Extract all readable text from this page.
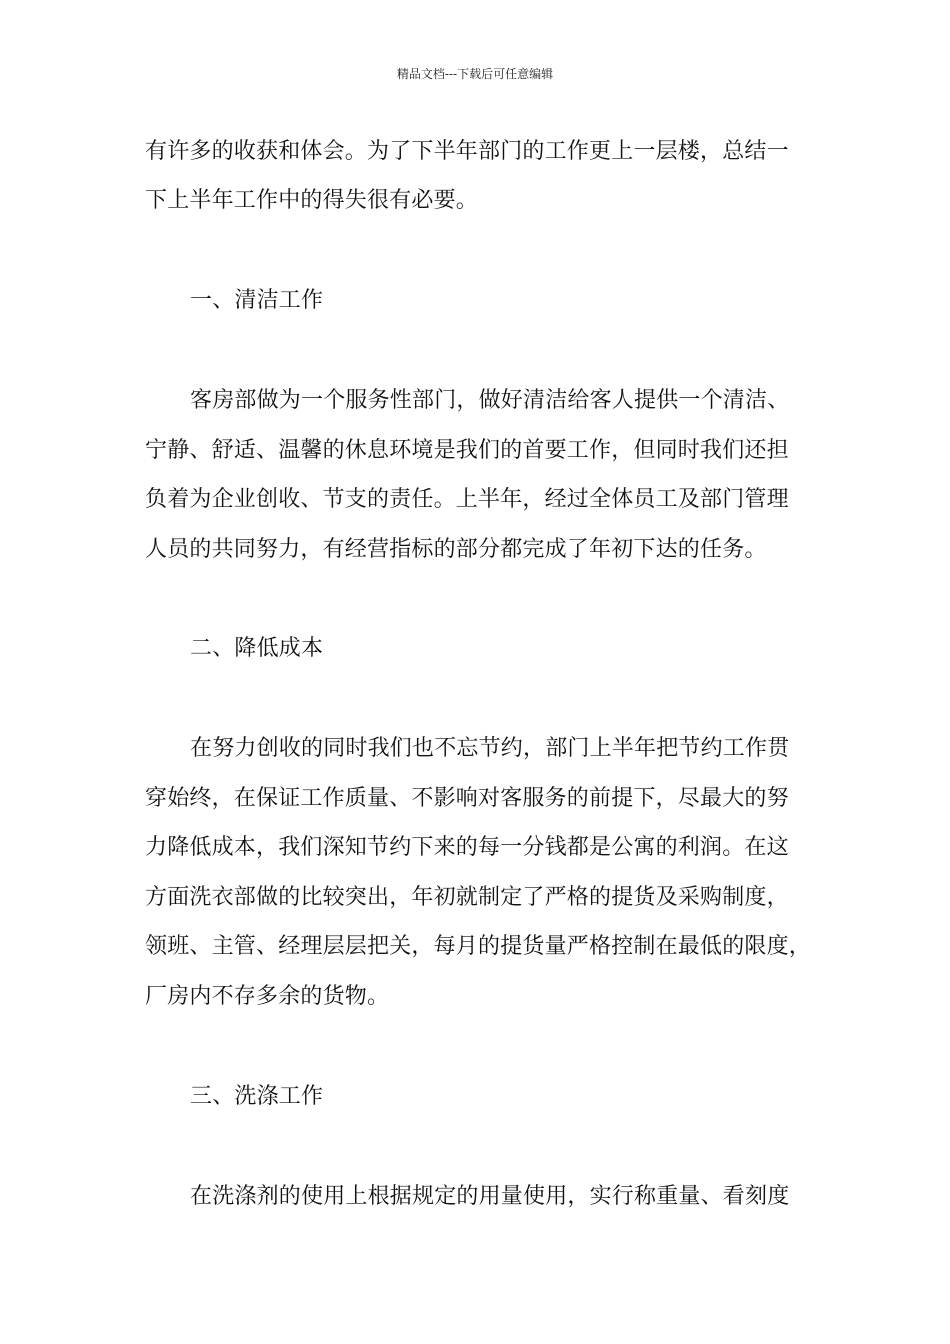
精品文档---下载后可任意编辑
有许多的收获和体会。为了下半年部门的工作更上一层楼，总结一
下上半年工作中的得失很有必要。
一、清洁工作
客房部做为一个服务性部门，做好清洁给客人提供一个清洁、
宁静、舒适、温馨的休息环境是我们的首要工作，但同时我们还担
负着为企业创收、节支的责任。上半年，经过全体员工及部门管理
人员的共同努力，有经营指标的部分都完成了年初下达的任务。
二、降低成本
在努力创收的同时我们也不忘节约，部门上半年把节约工作贯
穿始终，在保证工作质量、不影响对客服务的前提下，尽最大的努
力降低成本，我们深知节约下来的每一分钱都是公寓的利润。在这
方面洗衣部做的比较突出，年初就制定了严格的提货及采购制度，
领班、主管、经理层层把关，每月的提货量严格控制在最低的限度，
厂房内不存多余的货物。
三、洗涤工作
在洗涤剂的使用上根据规定的用量使用，实行称重量、看刻度
